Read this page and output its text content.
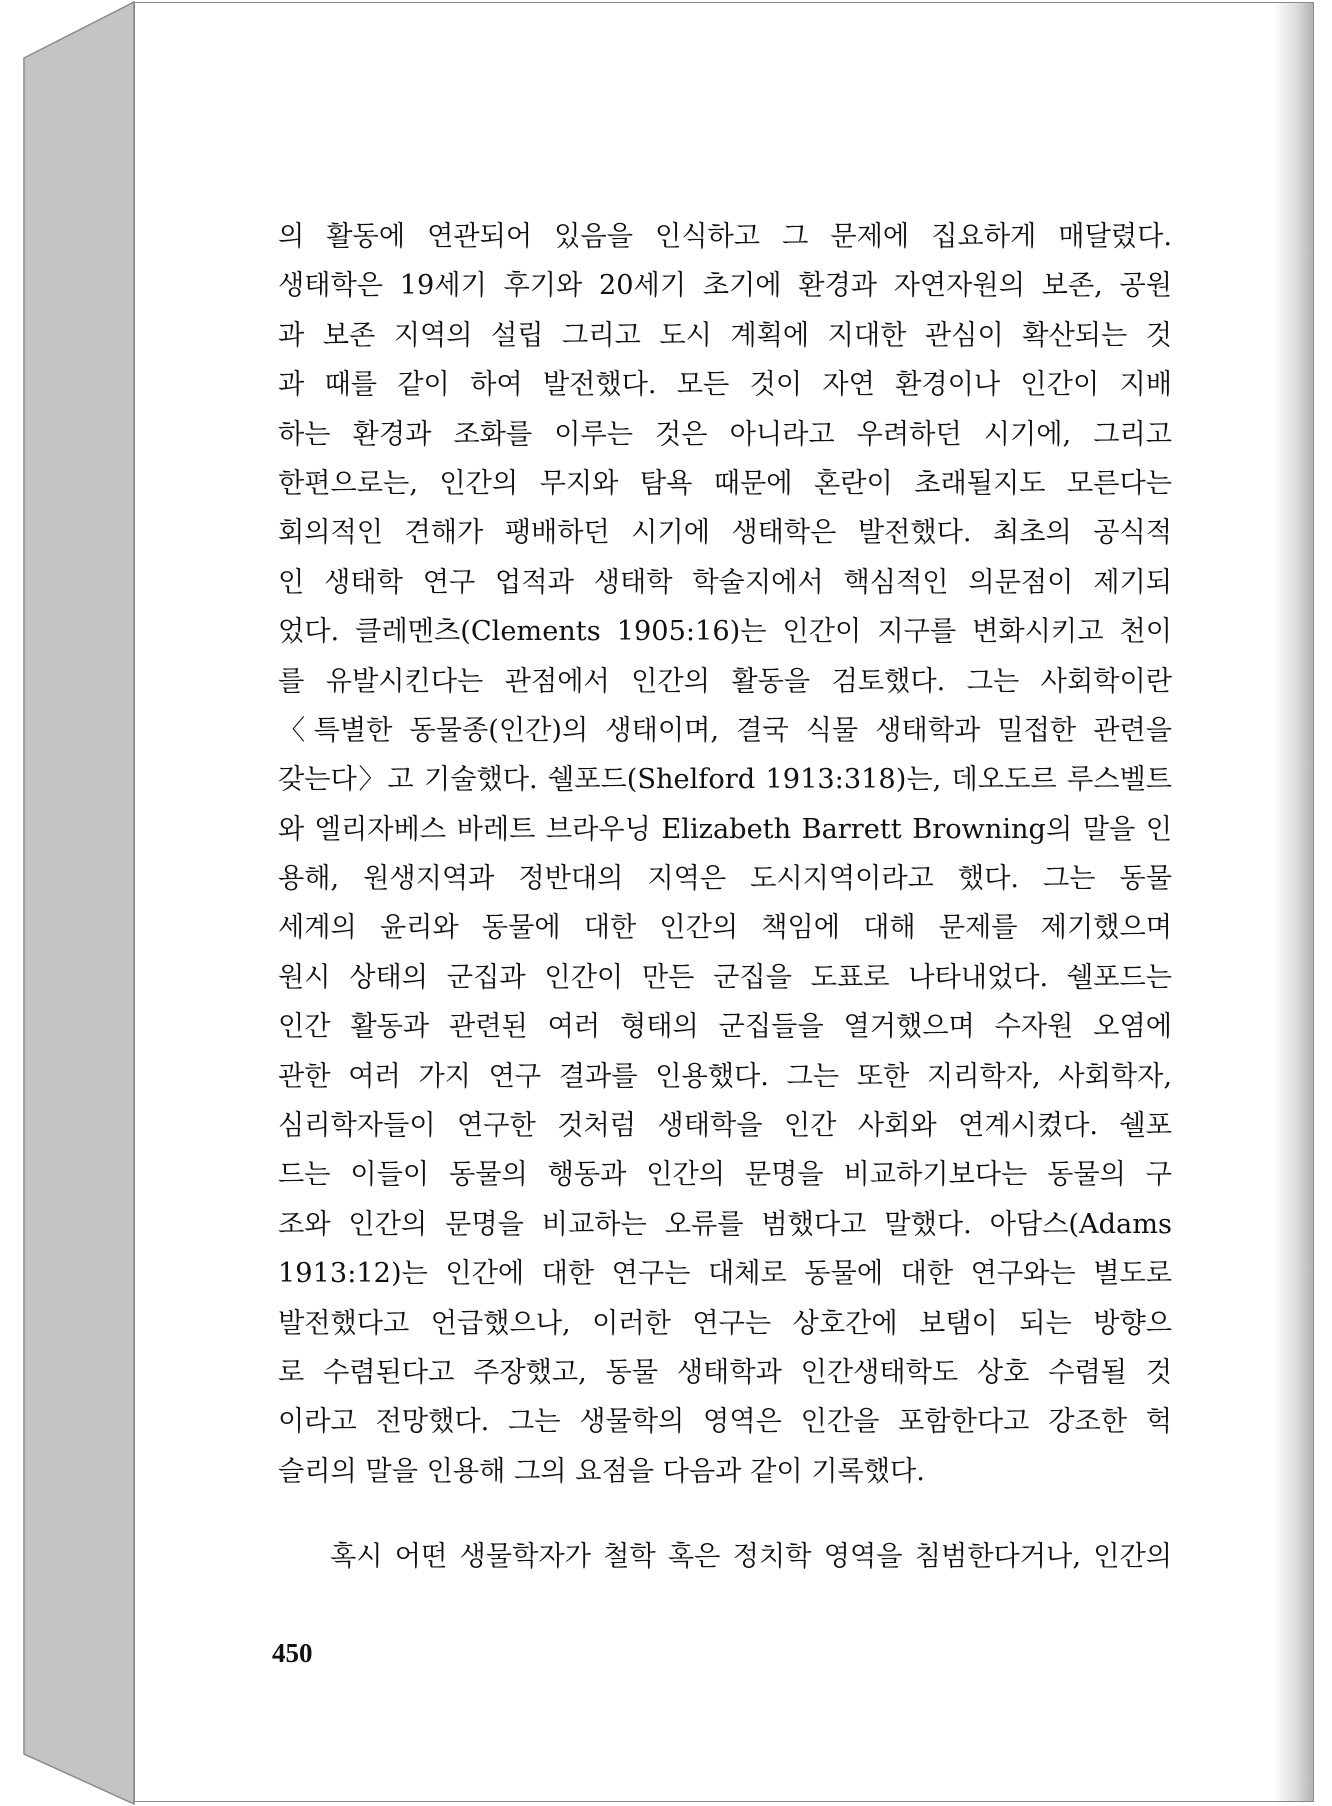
의 활동에 연관되어 있음을 인식하고 그 문제에 집요하게 매달렸다.
생태학은 19세기 후기와 20세기 초기에 환경과 자연자원의 보존, 공원
과 보존 지역의 설립 그리고 도시 계획에 지대한 관심이 확산되는 것
과 때를 같이 하여 발전했다. 모든 것이 자연 환경이나 인간이 지배
하는 환경과 조화를 이루는 것은 아니라고 우려하던 시기에, 그리고
한편으로는, 인간의 무지와 탐욕 때문에 혼란이 초래될지도 모른다는
회의적인 견해가 팽배하던 시기에 생태학은 발전했다. 최초의 공식적
인 생태학 연구 업적과 생태학 학술지에서 핵심적인 의문점이 제기되
었다. 클레멘츠(Clements 1905:16)는 인간이 지구를 변화시키고 천이
를 유발시킨다는 관점에서 인간의 활동을 검토했다. 그는 사회학이란
〈특별한 동물종(인간)의 생태이며, 결국 식물 생태학과 밀접한 관련을
갖는다〉고 기술했다. 쉘포드(Shelford 1913:318)는, 데오도르 루스벨트
와 엘리자베스 바레트 브라우닝 Elizabeth Barrett Browning의 말을 인
용해, 원생지역과 정반대의 지역은 도시지역이라고 했다. 그는 동물
세계의 윤리와 동물에 대한 인간의 책임에 대해 문제를 제기했으며
원시 상태의 군집과 인간이 만든 군집을 도표로 나타내었다. 쉘포드는
인간 활동과 관련된 여러 형태의 군집들을 열거했으며 수자원 오염에
관한 여러 가지 연구 결과를 인용했다. 그는 또한 지리학자, 사회학자,
심리학자들이 연구한 것처럼 생태학을 인간 사회와 연계시켰다. 쉘포
드는 이들이 동물의 행동과 인간의 문명을 비교하기보다는 동물의 구
조와 인간의 문명을 비교하는 오류를 범했다고 말했다. 아담스(Adams
1913:12)는 인간에 대한 연구는 대체로 동물에 대한 연구와는 별도로
발전했다고 언급했으나, 이러한 연구는 상호간에 보탬이 되는 방향으
로 수렴된다고 주장했고, 동물 생태학과 인간생태학도 상호 수렴될 것
이라고 전망했다. 그는 생물학의 영역은 인간을 포함한다고 강조한 헉
슬리의 말을 인용해 그의 요점을 다음과 같이 기록했다.
혹시 어떤 생물학자가 철학 혹은 정치학 영역을 침범한다거나, 인간의
450
